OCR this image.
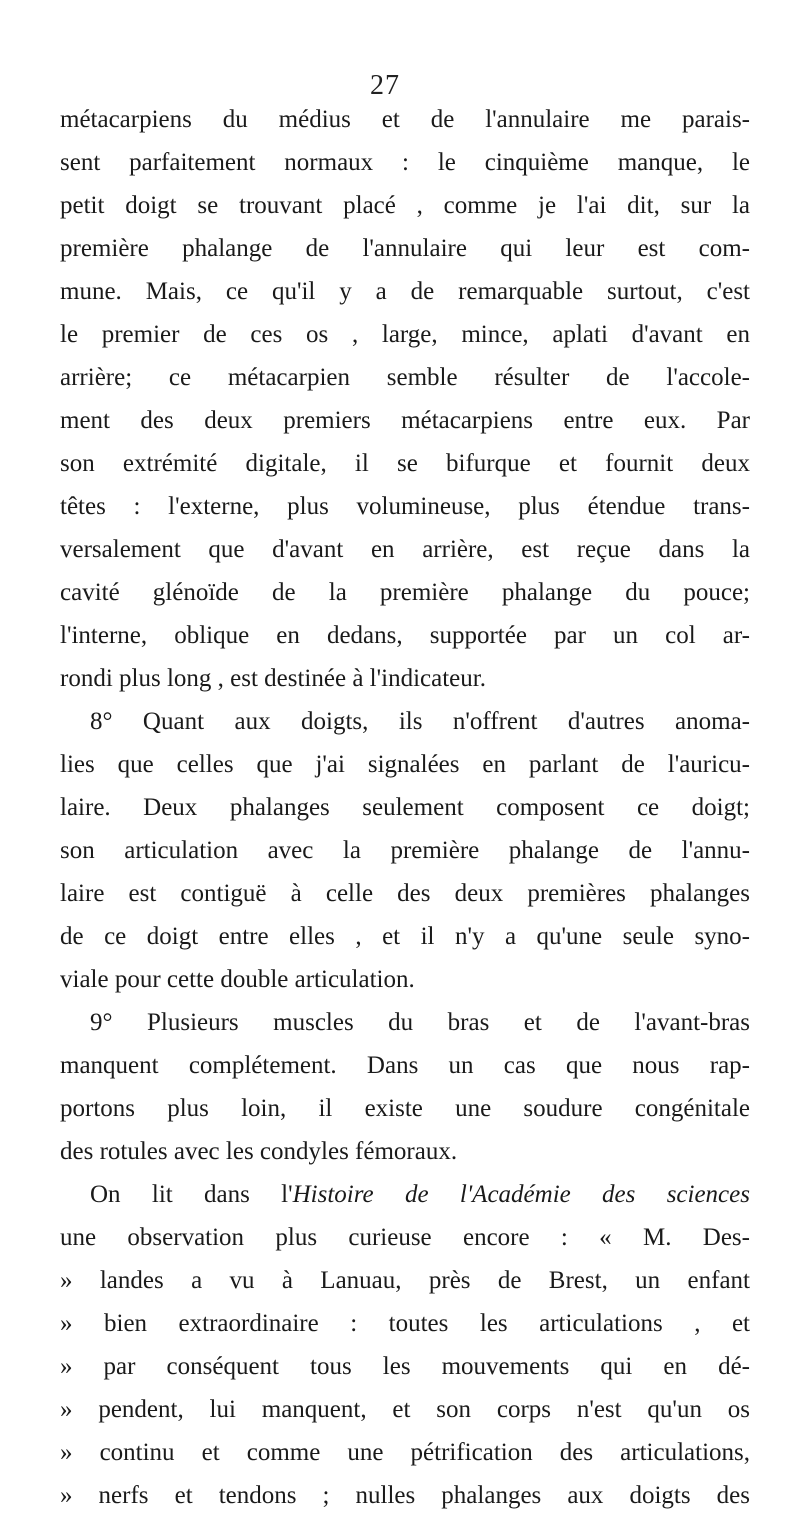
27
métacarpiens du médius et de l'annulaire me parais-
sent parfaitement normaux : le cinquième manque, le
petit doigt se trouvant placé , comme je l'ai dit, sur la
première phalange de l'annulaire qui leur est com-
mune. Mais, ce qu'il y a de remarquable surtout, c'est
le premier de ces os , large, mince, aplati d'avant en
arrière; ce métacarpien semble résulter de l'accole-
ment des deux premiers métacarpiens entre eux. Par
son extrémité digitale, il se bifurque et fournit deux
têtes : l'externe, plus volumineuse, plus étendue trans-
versalement que d'avant en arrière, est reçue dans la
cavité glénoïde de la première phalange du pouce;
l'interne, oblique en dedans, supportée par un col ar-
rondi plus long , est destinée à l'indicateur.
8° Quant aux doigts, ils n'offrent d'autres anoma-
lies que celles que j'ai signalées en parlant de l'auricu-
laire. Deux phalanges seulement composent ce doigt;
son articulation avec la première phalange de l'annu-
laire est contiguë à celle des deux premières phalanges
de ce doigt entre elles , et il n'y a qu'une seule syno-
viale pour cette double articulation.
9° Plusieurs muscles du bras et de l'avant-bras
manquent complétement. Dans un cas que nous rap-
portons plus loin, il existe une soudure congénitale
des rotules avec les condyles fémoraux.
On lit dans l'Histoire de l'Académie des sciences
une observation plus curieuse encore : « M. Des-
» landes a vu à Lanuau, près de Brest, un enfant
» bien extraordinaire : toutes les articulations , et
» par conséquent tous les mouvements qui en dé-
» pendent, lui manquent, et son corps n'est qu'un os
» continu et comme une pétrification des articulations,
» nerfs et tendons ; nulles phalanges aux doigts des
